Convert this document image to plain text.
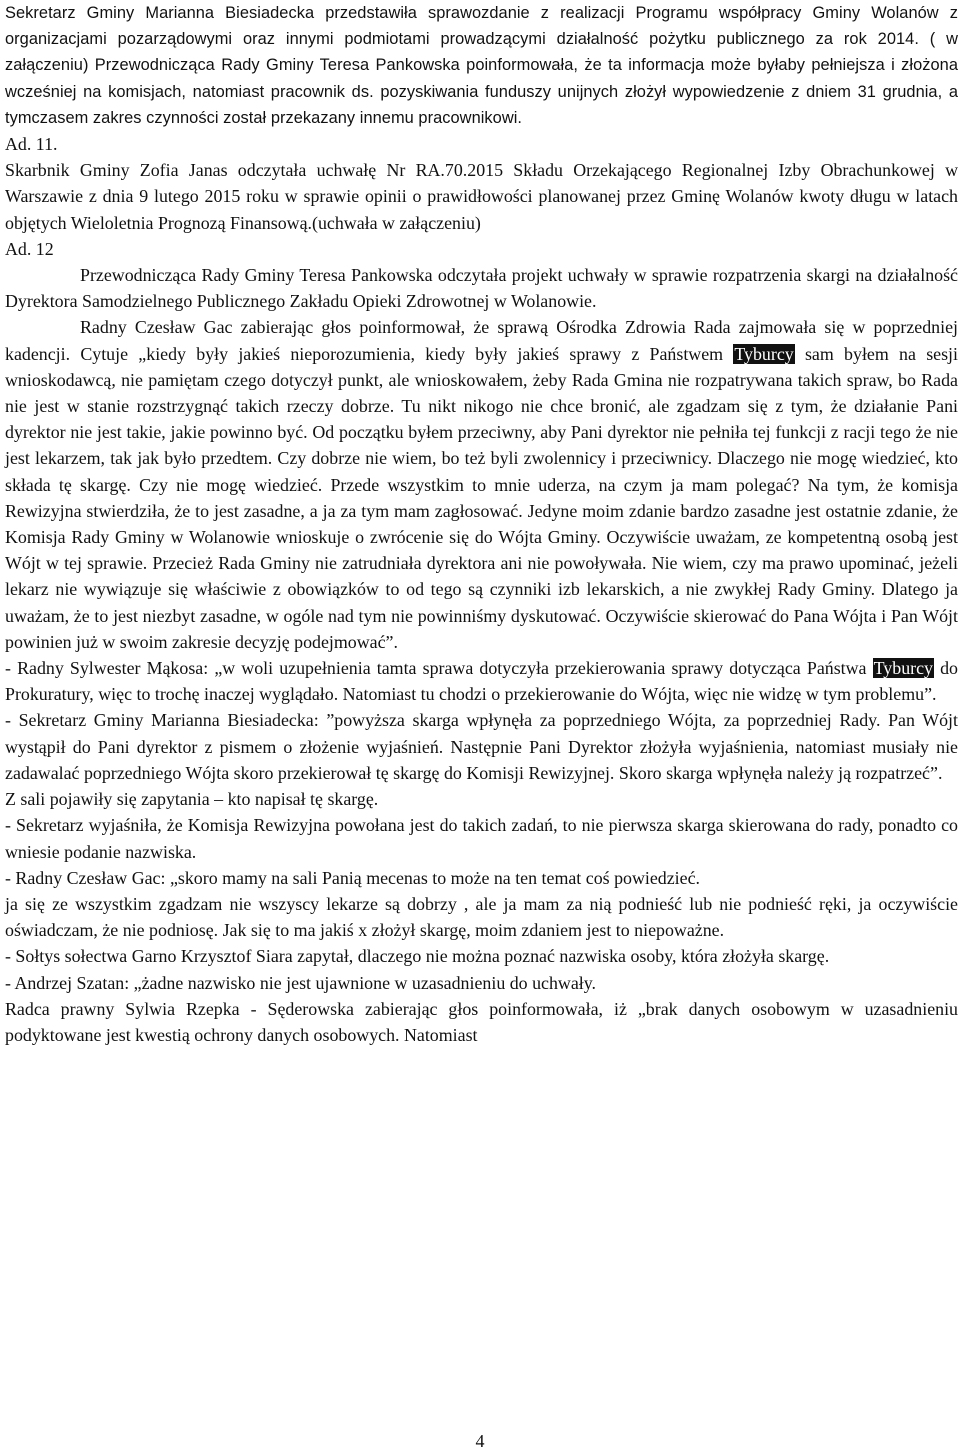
Sekretarz Gminy Marianna Biesiadecka przedstawiła sprawozdanie z realizacji Programu współpracy Gminy Wolanów z organizacjami pozarządowymi oraz innymi podmiotami prowadzącymi działalność pożytku publicznego za rok 2014. ( w załączeniu) Przewodnicząca Rady Gminy Teresa Pankowska poinformowała, że ta informacja może byłaby pełniejsza i złożona wcześniej na komisjach, natomiast pracownik ds. pozyskiwania funduszy unijnych złożył wypowiedzenie z dniem 31 grudnia, a tymczasem zakres czynności został przekazany innemu pracownikowi.

Ad. 11.

Skarbnik Gminy Zofia Janas odczytała uchwałę Nr RA.70.2015 Składu Orzekającego Regionalnej Izby Obrachunkowej w Warszawie z dnia 9 lutego 2015 roku w sprawie opinii o prawidłowości planowanej przez Gminę Wolanów kwoty długu w latach objętych Wieloletnia Prognozą Finansową.(uchwała w załączeniu)

Ad. 12

Przewodnicząca Rady Gminy Teresa Pankowska odczytała projekt uchwały w sprawie rozpatrzenia skargi na działalność Dyrektora Samodzielnego Publicznego Zakładu Opieki Zdrowotnej w Wolanowie.

Radny Czesław Gac zabierając głos poinformował, że sprawą Ośrodka Zdrowia Rada zajmowała się w poprzedniej kadencji. Cytuje „kiedy były jakieś nieporozumienia, kiedy były jakieś sprawy z Państwem Tyburcy sam byłem na sesji wnioskodawcą, nie pamiętam czego dotyczył punkt, ale wnioskowałem, żeby Rada Gmina nie rozpatrywana takich spraw, bo Rada nie jest w stanie rozstrzygnąć takich rzeczy dobrze. Tu nikt nikogo nie chce bronić, ale zgadzam się z tym, że działanie Pani dyrektor nie jest takie, jakie powinno być. Od początku byłem przeciwny, aby Pani dyrektor nie pełniła tej funkcji z racji tego że nie jest lekarzem, tak jak było przedtem. Czy dobrze nie wiem, bo też byli zwolennicy i przeciwnicy. Dlaczego nie mogę wiedzieć, kto składa tę skargę. Czy nie mogę wiedzieć. Przede wszystkim to mnie uderza, na czym ja mam polegać? Na tym, że komisja Rewizyjna stwierdziła, że to jest zasadne, a ja za tym mam zagłosować. Jedyne moim zdanie bardzo zasadne jest ostatnie zdanie, że Komisja Rady Gminy w Wolanowie wnioskuje o zwrócenie się do Wójta Gminy. Oczywiście uważam, ze kompetentną osobą jest Wójt w tej sprawie. Przecież Rada Gminy nie zatrudniała dyrektora ani nie powoływała. Nie wiem, czy ma prawo upominać, jeżeli lekarz nie wywiązuje się właściwie z obowiązków to od tego są czynniki izb lekarskich, a nie zwykłej Rady Gminy. Dlatego ja uważam, że to jest niezbyt zasadne, w ogóle nad tym nie powinniśmy dyskutować. Oczywiście skierować do Pana Wójta i Pan Wójt powinien już w swoim zakresie decyzję podejmować”.

- Radny Sylwester Mąkosa: „w woli uzupełnienia tamta sprawa dotyczyła przekierowania sprawy dotycząca Państwa Tyburcy do Prokuratury, więc to trochę inaczej wyglądało. Natomiast tu chodzi o przekierowanie do Wójta, więc nie widzę w tym problemu”.

- Sekretarz Gminy Marianna Biesiadecka: ”powyższa skarga wpłynęła za poprzedniego Wójta, za poprzedniej Rady. Pan Wójt wystąpił do Pani dyrektor z pismem o złożenie wyjaśnień. Następnie Pani Dyrektor złożyła wyjaśnienia, natomiast musiały nie zadawalać poprzedniego Wójta skoro przekierował tę skargę do Komisji Rewizyjnej. Skoro skarga wpłynęła należy ją rozpatrzeć”.

Z sali pojawiły się zapytania – kto napisał tę skargę.

- Sekretarz wyjaśniła, że Komisja Rewizyjna powołana jest do takich zadań, to nie pierwsza skarga skierowana do rady, ponadto co wniesie podanie nazwiska.

- Radny Czesław Gac: „skoro mamy na sali Panią mecenas to może na ten temat coś powiedzieć.

ja się ze wszystkim zgadzam nie wszyscy lekarze są dobrzy , ale ja mam za nią podnieść lub nie podnieść ręki, ja oczywiście oświadczam, że nie podniosę. Jak się to ma jakiś x złożył skargę, moim zdaniem jest to niepoważne.

- Sołtys sołectwa Garno Krzysztof Siara zapytał, dlaczego nie można poznać nazwiska osoby, która złożyła skargę.

- Andrzej Szatan: „żadne nazwisko nie jest ujawnione w uzasadnieniu do uchwały.

Radca prawny Sylwia Rzepka - Sęderowska zabierając głos poinformowała, iż „brak danych osobowym w uzasadnieniu podyktowane jest kwestią ochrony danych osobowych. Natomiast

4
